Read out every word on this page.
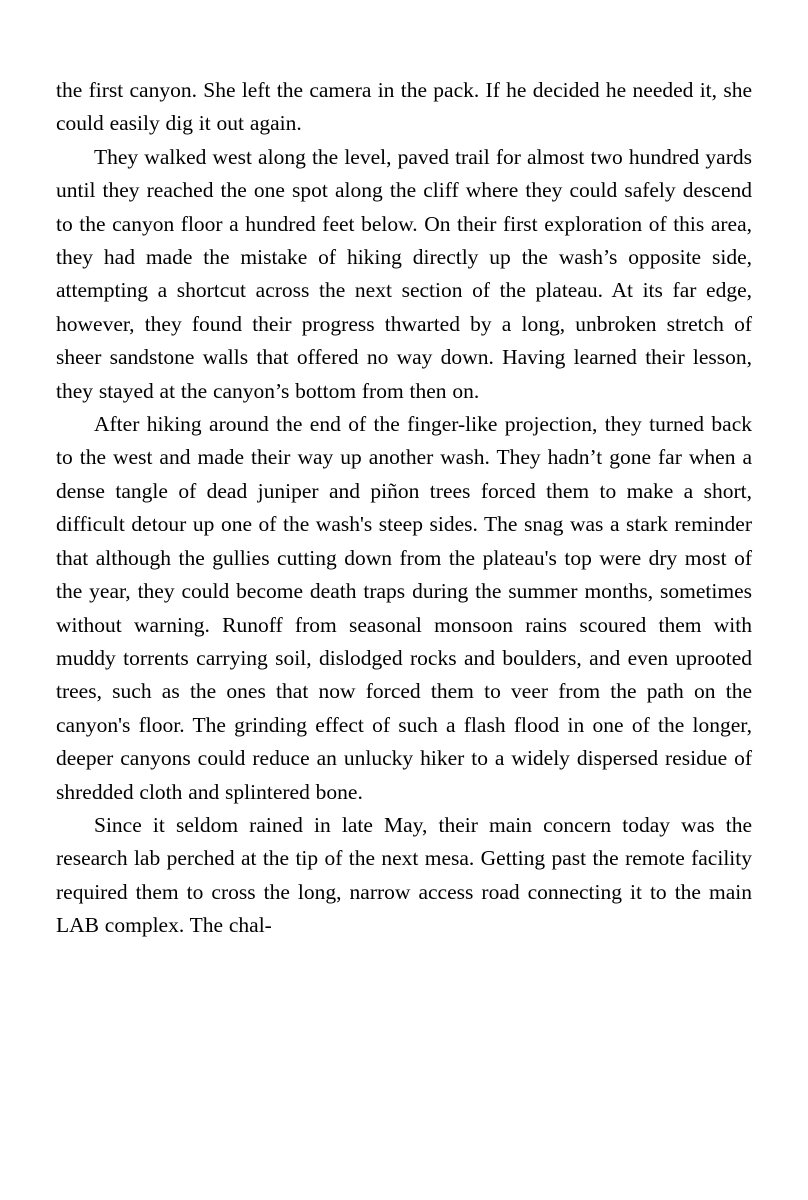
the first canyon. She left the camera in the pack. If he decided he needed it, she could easily dig it out again.

They walked west along the level, paved trail for almost two hundred yards until they reached the one spot along the cliff where they could safely descend to the canyon floor a hundred feet below. On their first exploration of this area, they had made the mistake of hiking directly up the wash’s opposite side, attempting a shortcut across the next section of the plateau. At its far edge, however, they found their progress thwarted by a long, unbroken stretch of sheer sandstone walls that offered no way down. Having learned their lesson, they stayed at the canyon’s bottom from then on.

After hiking around the end of the finger-like projection, they turned back to the west and made their way up another wash. They hadn’t gone far when a dense tangle of dead juniper and piñon trees forced them to make a short, difficult detour up one of the wash's steep sides. The snag was a stark reminder that although the gullies cutting down from the plateau's top were dry most of the year, they could become death traps during the summer months, sometimes without warning. Runoff from seasonal monsoon rains scoured them with muddy torrents carrying soil, dislodged rocks and boulders, and even uprooted trees, such as the ones that now forced them to veer from the path on the canyon's floor. The grinding effect of such a flash flood in one of the longer, deeper canyons could reduce an unlucky hiker to a widely dispersed residue of shredded cloth and splintered bone.

Since it seldom rained in late May, their main concern today was the research lab perched at the tip of the next mesa. Getting past the remote facility required them to cross the long, narrow access road connecting it to the main LAB complex. The chal-
